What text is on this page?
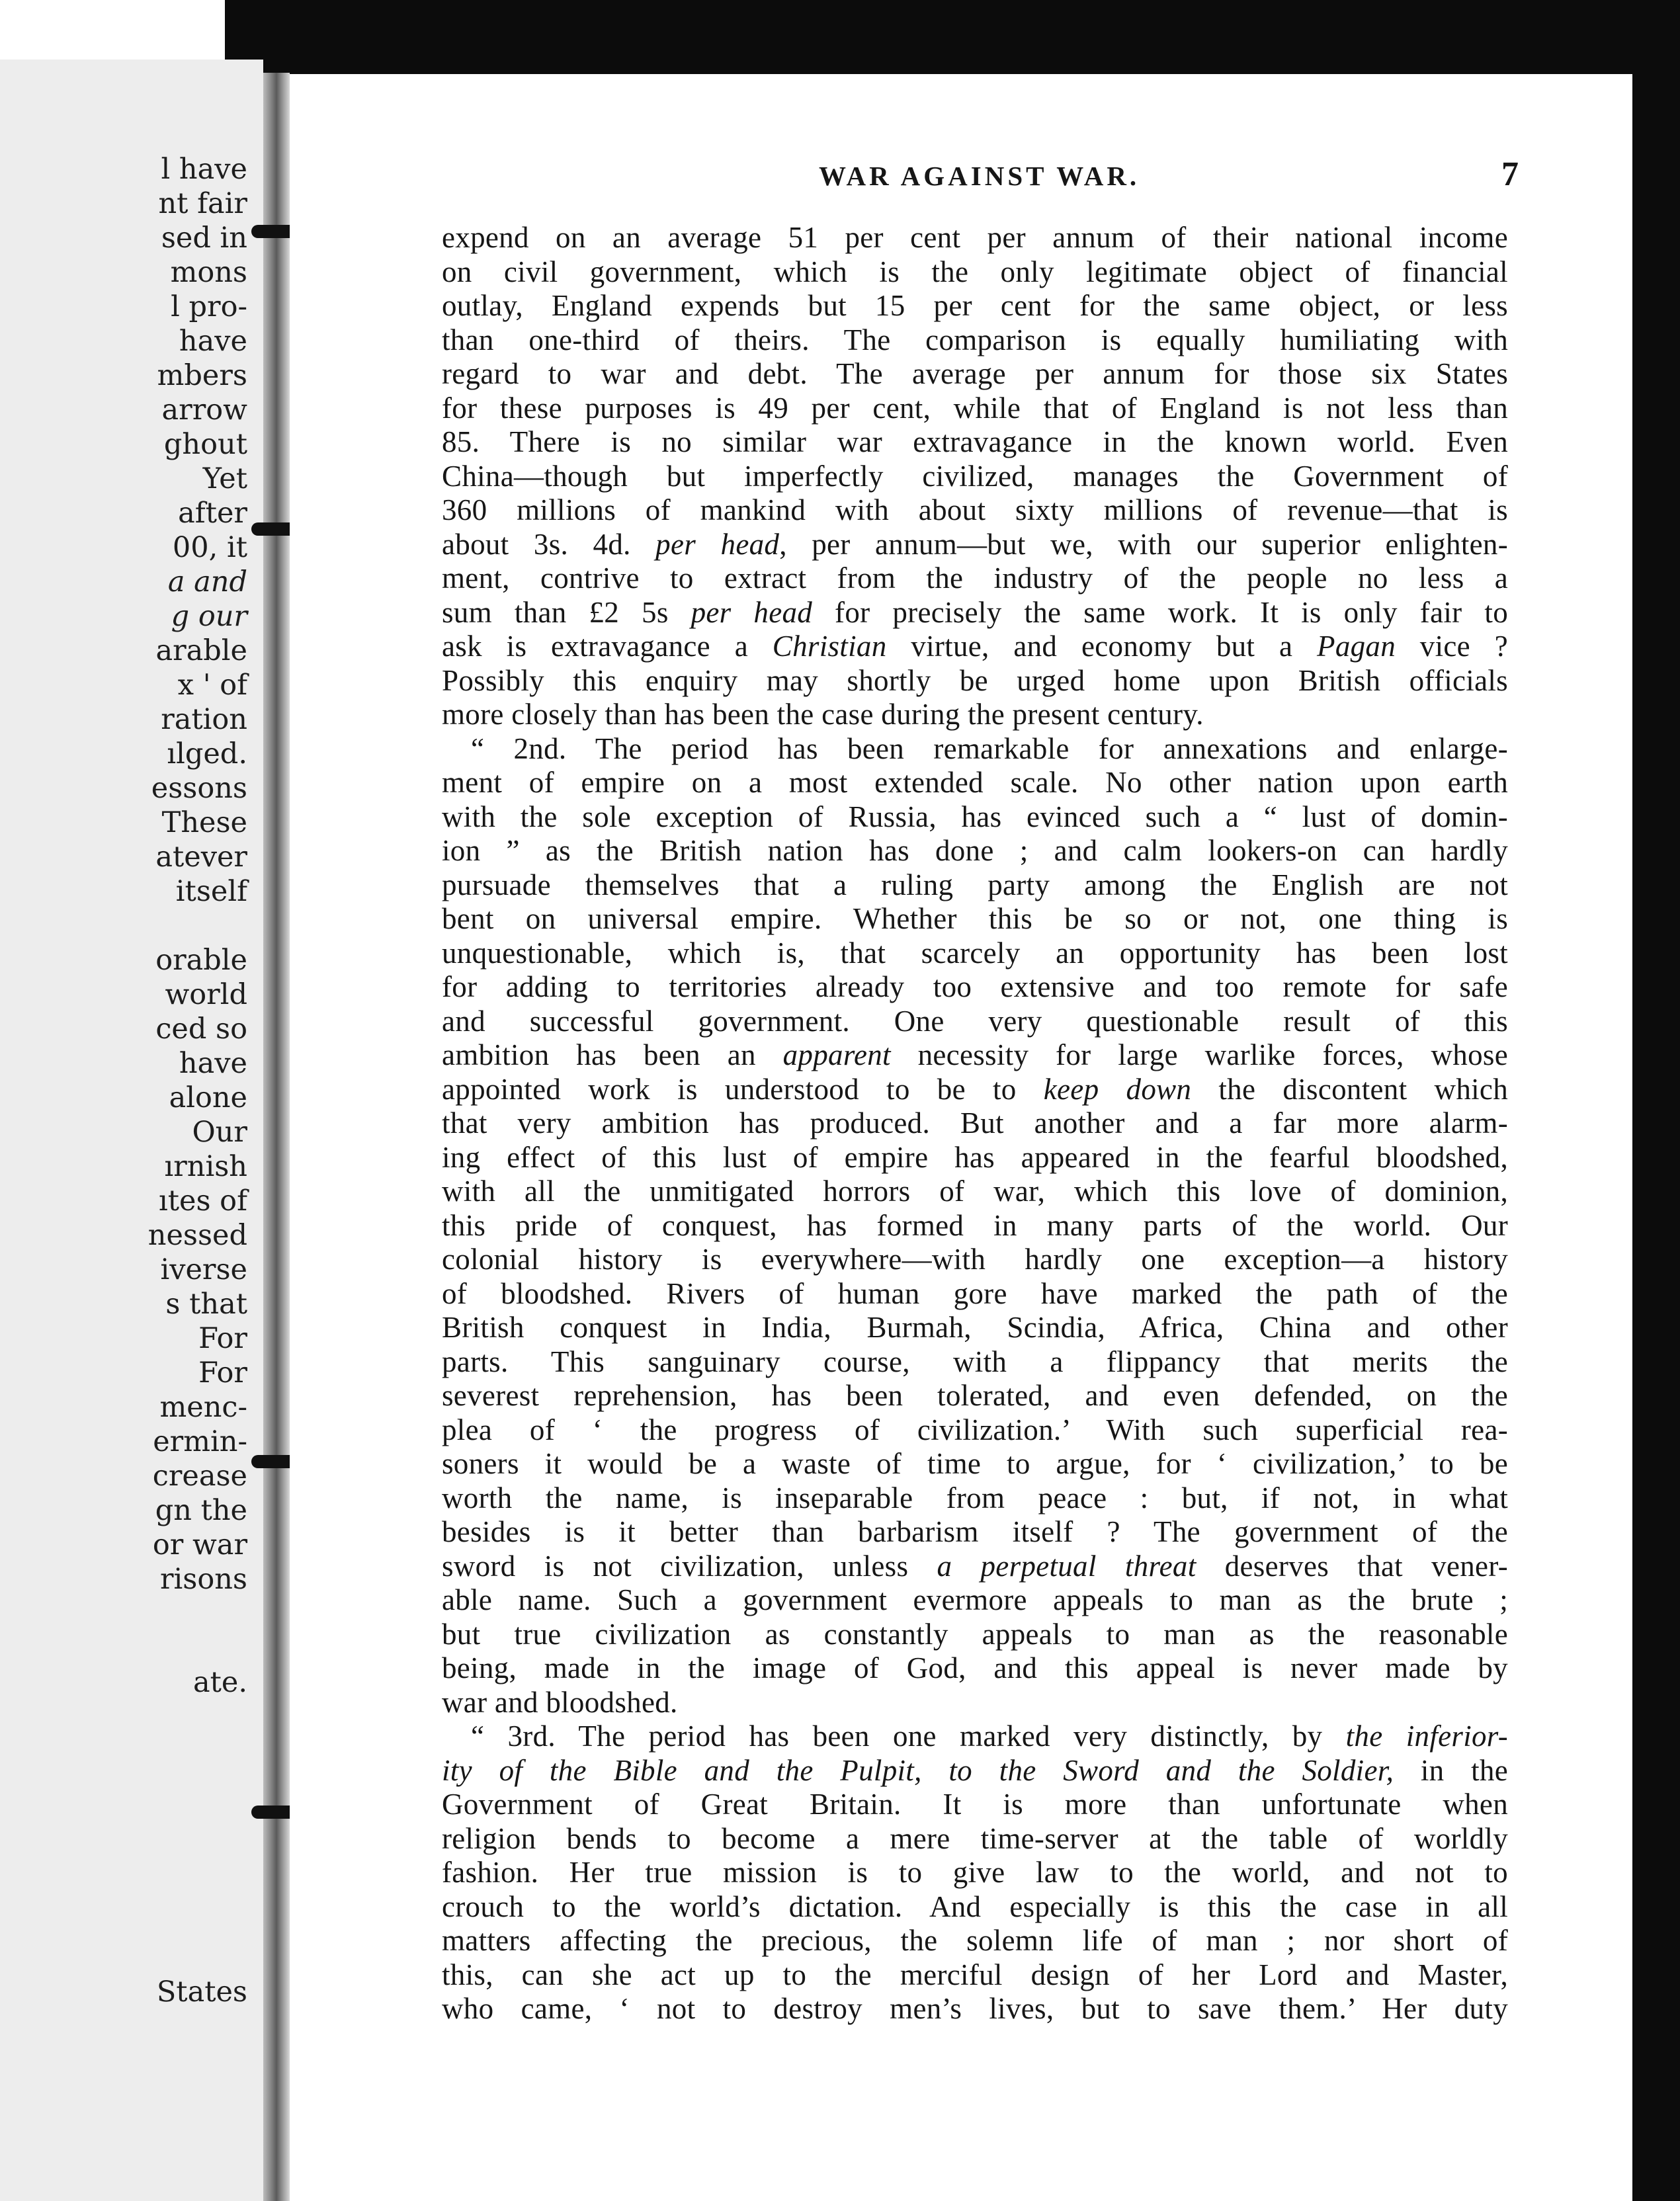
l have
nt fair
sed in
mons
l pro-
have
mbers
arrow
ghout
Yet
after
00, it
a and
g our
arable
x ' of
ration
ılged.
essons
These
atever
itself
orable
world
ced so
have
alone
Our
ırnish
ıtes of
nessed
iverse
s that
For
For
menc-
ermin-
crease
gn the
or war
risons
ate.
States
WAR AGAINST WAR.	7
expend on an average 51 per cent per annum of their national income
on civil government, which is the only legitimate object of financial
outlay, England expends but 15 per cent for the same object, or less
than one-third of theirs. The comparison is equally humiliating with
regard to war and debt. The average per annum for those six States
for these purposes is 49 per cent, while that of England is not less than
85. There is no similar war extravagance in the known world. Even
China—though but imperfectly civilized, manages the Government of
360 millions of mankind with about sixty millions of revenue—that is
about 3s. 4d. per head, per annum—but we, with our superior enlighten-
ment, contrive to extract from the industry of the people no less a
sum than £2 5s per head for precisely the same work. It is only fair to
ask is extravagance a Christian virtue, and economy but a Pagan vice ?
Possibly this enquiry may shortly be urged home upon British officials
more closely than has been the case during the present century.
“ 2nd. The period has been remarkable for annexations and enlarge-
ment of empire on a most extended scale. No other nation upon earth
with the sole exception of Russia, has evinced such a “ lust of domin-
ion ” as the British nation has done ; and calm lookers-on can hardly
pursuade themselves that a ruling party among the English are not
bent on universal empire. Whether this be so or not, one thing is
unquestionable, which is, that scarcely an opportunity has been lost
for adding to territories already too extensive and too remote for safe
and successful government. One very questionable result of this
ambition has been an apparent necessity for large warlike forces, whose
appointed work is understood to be to keep down the discontent which
that very ambition has produced. But another and a far more alarm-
ing effect of this lust of empire has appeared in the fearful bloodshed,
with all the unmitigated horrors of war, which this love of dominion,
this pride of conquest, has formed in many parts of the world. Our
colonial history is everywhere—with hardly one exception—a history
of bloodshed. Rivers of human gore have marked the path of the
British conquest in India, Burmah, Scindia, Africa, China and other
parts. This sanguinary course, with a flippancy that merits the
severest reprehension, has been tolerated, and even defended, on the
plea of ‘ the progress of civilization.’ With such superficial rea-
soners it would be a waste of time to argue, for ‘ civilization,’ to be
worth the name, is inseparable from peace : but, if not, in what
besides is it better than barbarism itself ? The government of the
sword is not civilization, unless a perpetual threat deserves that vener-
able name. Such a government evermore appeals to man as the brute ;
but true civilization as constantly appeals to man as the reasonable
being, made in the image of God, and this appeal is never made by
war and bloodshed.
“ 3rd. The period has been one marked very distinctly, by the inferior-
ity of the Bible and the Pulpit, to the Sword and the Soldier, in the
Government of Great Britain. It is more than unfortunate when
religion bends to become a mere time-server at the table of worldly
fashion. Her true mission is to give law to the world, and not to
crouch to the world’s dictation. And especially is this the case in all
matters affecting the precious, the solemn life of man ; nor short of
this, can she act up to the merciful design of her Lord and Master,
who came, ‘ not to destroy men’s lives, but to save them.’ Her duty
